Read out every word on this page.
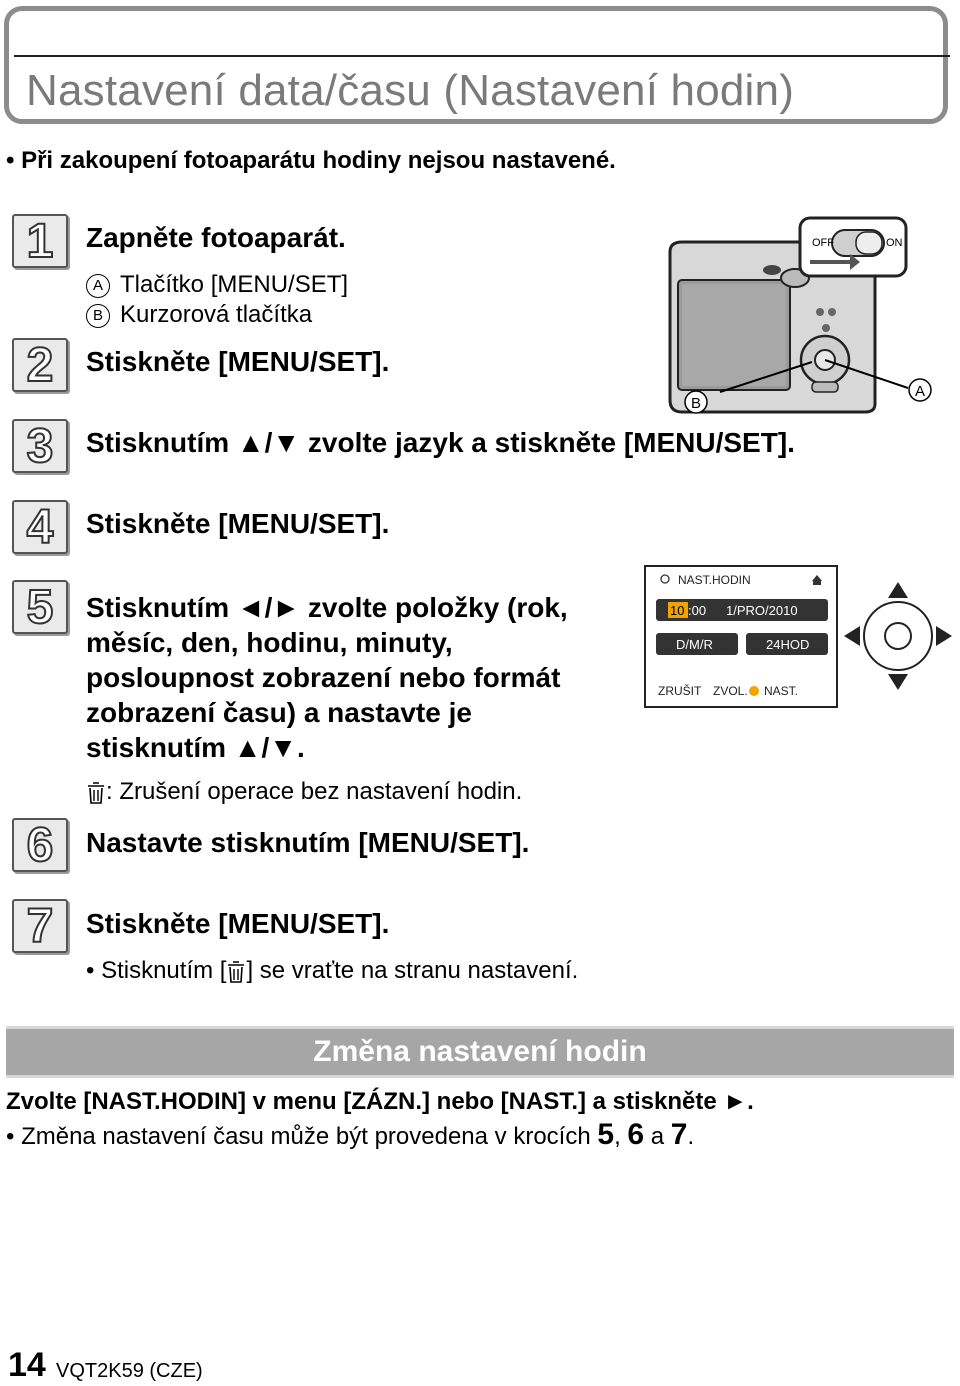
Nastavení data/času (Nastavení hodin)
• Při zakoupení fotoaparátu hodiny nejsou nastavené.
1	Zapněte fotoaparát.
A Tlačítko [MENU/SET]
B Kurzorová tlačítka
2	Stiskněte [MENU/SET].
3	Stisknutím ▲/▼ zvolte jazyk a stiskněte [MENU/SET].
4	Stiskněte [MENU/SET].
5	Stisknutím ◄/► zvolte položky (rok,
měsíc, den, hodinu, minuty,
posloupnost zobrazení nebo formát
zobrazení času) a nastavte je
stisknutím ▲/▼.
: Zrušení operace bez nastavení hodin.
6	Nastavte stisknutím [MENU/SET].
7	Stiskněte [MENU/SET].
• Stisknutím [ ] se vraťte na stranu nastavení.
OFF	ON
A
B
NAST.HODIN
10 :00 1/PRO/2010
D/M/R	24HOD
ZRUŠIT ZVOL. NAST.
Změna nastavení hodin
Zvolte [NAST.HODIN] v menu [ZÁZN.] nebo [NAST.] a stiskněte ►.
• Změna nastavení času může být provedena v krocích 5, 6 a 7.
14 VQT2K59 (CZE)
